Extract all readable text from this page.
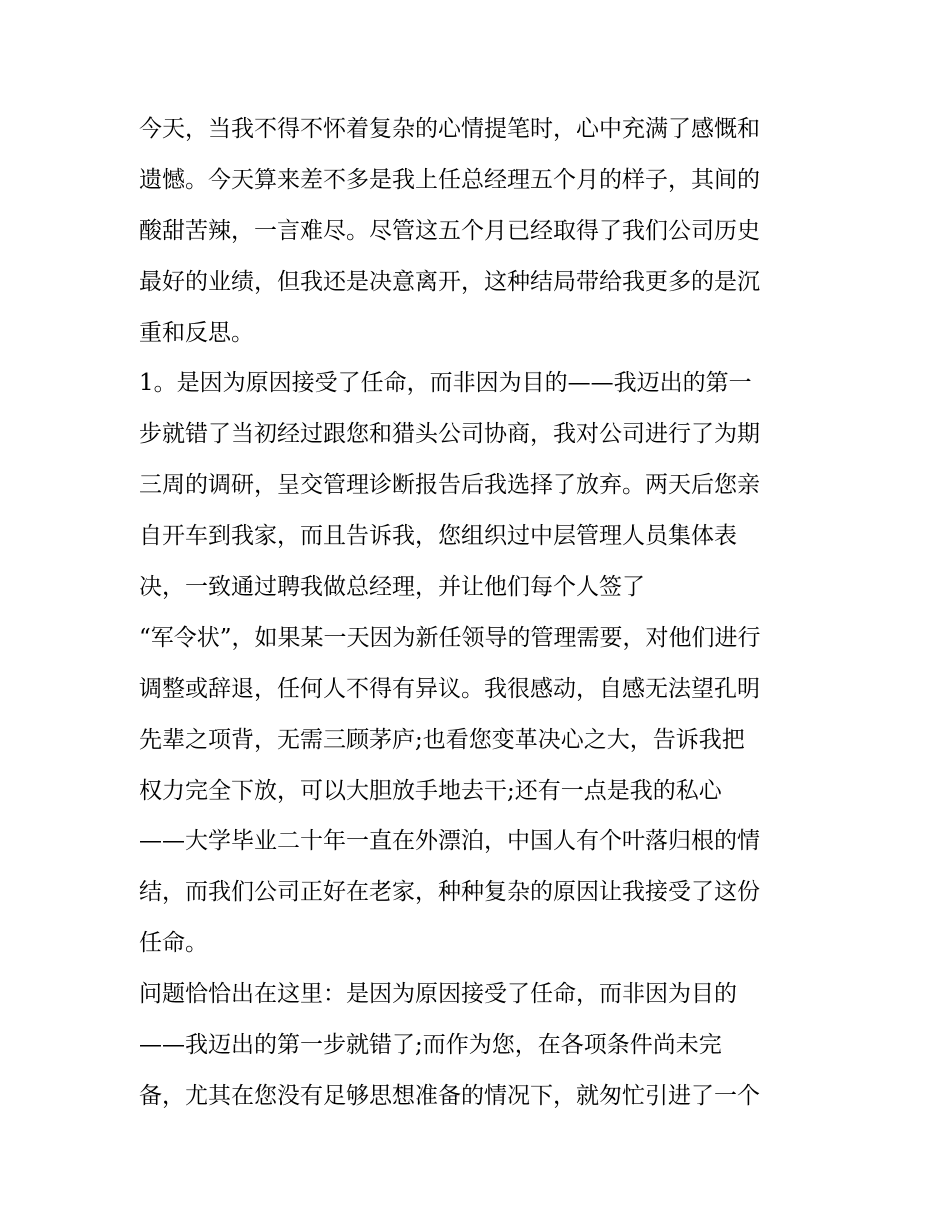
今天，当我不得不怀着复杂的心情提笔时，心中充满了感慨和
遗憾。今天算来差不多是我上任总经理五个月的样子，其间的
酸甜苦辣，一言难尽。尽管这五个月已经取得了我们公司历史
最好的业绩，但我还是决意离开，这种结局带给我更多的是沉
重和反思。
1。是因为原因接受了任命，而非因为目的——我迈出的第一
步就错了当初经过跟您和猎头公司协商，我对公司进行了为期
三周的调研，呈交管理诊断报告后我选择了放弃。两天后您亲
自开车到我家，而且告诉我，您组织过中层管理人员集体表
决，一致通过聘我做总经理，并让他们每个人签了
“军令状”，如果某一天因为新任领导的管理需要，对他们进行
调整或辞退，任何人不得有异议。我很感动，自感无法望孔明
先辈之项背，无需三顾茅庐;也看您变革决心之大，告诉我把
权力完全下放，可以大胆放手地去干;还有一点是我的私心
——大学毕业二十年一直在外漂泊，中国人有个叶落归根的情
结，而我们公司正好在老家，种种复杂的原因让我接受了这份
任命。
问题恰恰出在这里：是因为原因接受了任命，而非因为目的
——我迈出的第一步就错了;而作为您，在各项条件尚未完
备，尤其在您没有足够思想准备的情况下，就匆忙引进了一个
